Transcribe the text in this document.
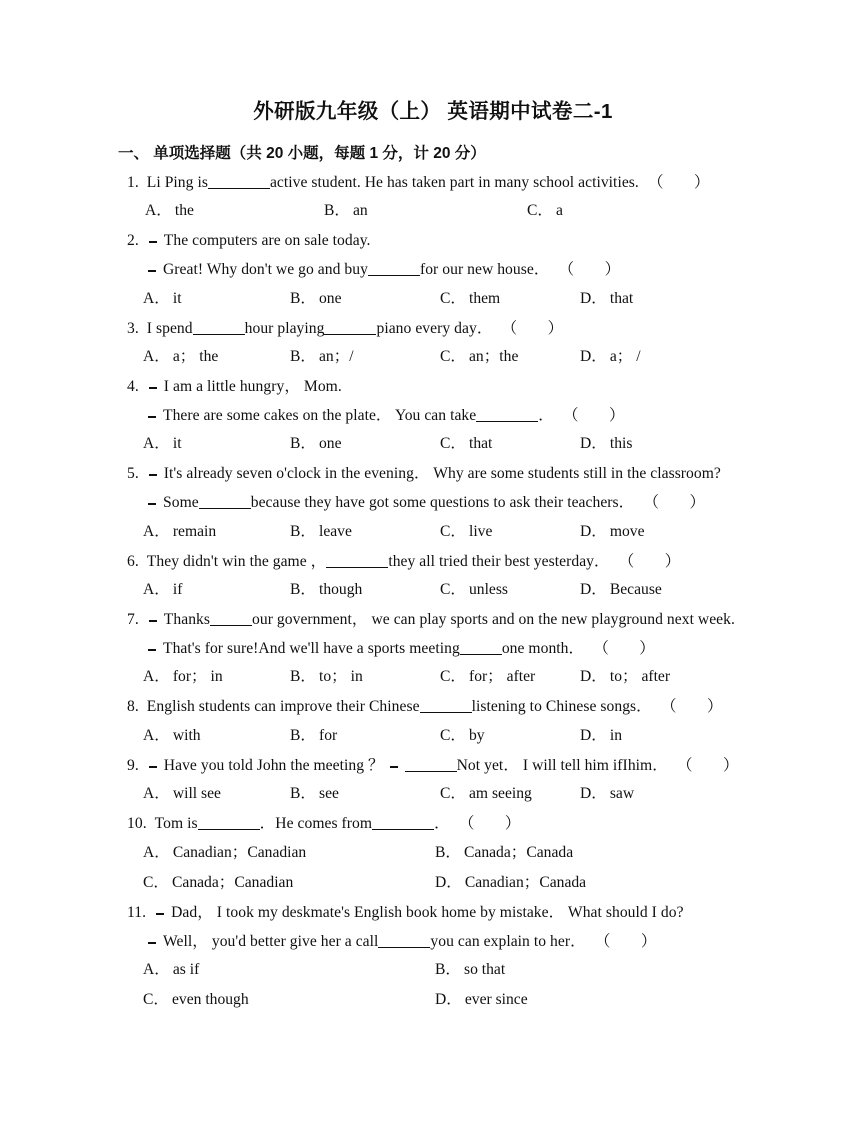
外研版九年级（上） 英语期中试卷二-1
一、 单项选择题（共 20 小题，每题 1 分，计 20 分）
1. Li Ping is	active student. He has taken part in many school activities. （ ）
A． the	B． an	C． a
2. The computers are on sale today.
Great! Why don't we go and buy	for our new house． （ ）
A． it	B． one	C． them	D． that
3. I spend	hour playing	piano every day． （ ）
A． a； the	B． an；/	C． an；the	D． a； /
4. I am a little hungry， Mom.
There are some cakes on the plate． You can take	． （ ）
A． it	B． one	C． that	D． this
5. It's already seven o'clock in the evening． Why are some students still in the classroom?
Some	because they have got some questions to ask their teachers． （ ）
A． remain	B． leave	C． live	D． move
6. They didn't win the game ，	they all tried their best yesterday． （ ）
A． if	B． though	C． unless	D． Because
7. Thanks	our government， we can play sports and on the new playground next week.
That's for sure!And we'll have a sports meeting	one month． （ ）
A． for； in	B． to； in	C． for； after	D． to； after
8. English students can improve their Chinese	listening to Chinese songs． （ ）
A． with	B． for	C． by	D． in
9. Have you told John the meeting ？	Not yet． I will tell him ifIhim． （ ）
A． will see	B． see	C． am seeing	D． saw
10. Tom is	．He comes from	． （ ）
A． Canadian；Canadian	B． Canada；Canada
C． Canada；Canadian	D． Canadian；Canada
11. Dad， I took my deskmate's English book home by mistake． What should I do?
Well， you'd better give her a call	you can explain to her． （ ）
A． as if	B． so that
C． even though	D． ever since
